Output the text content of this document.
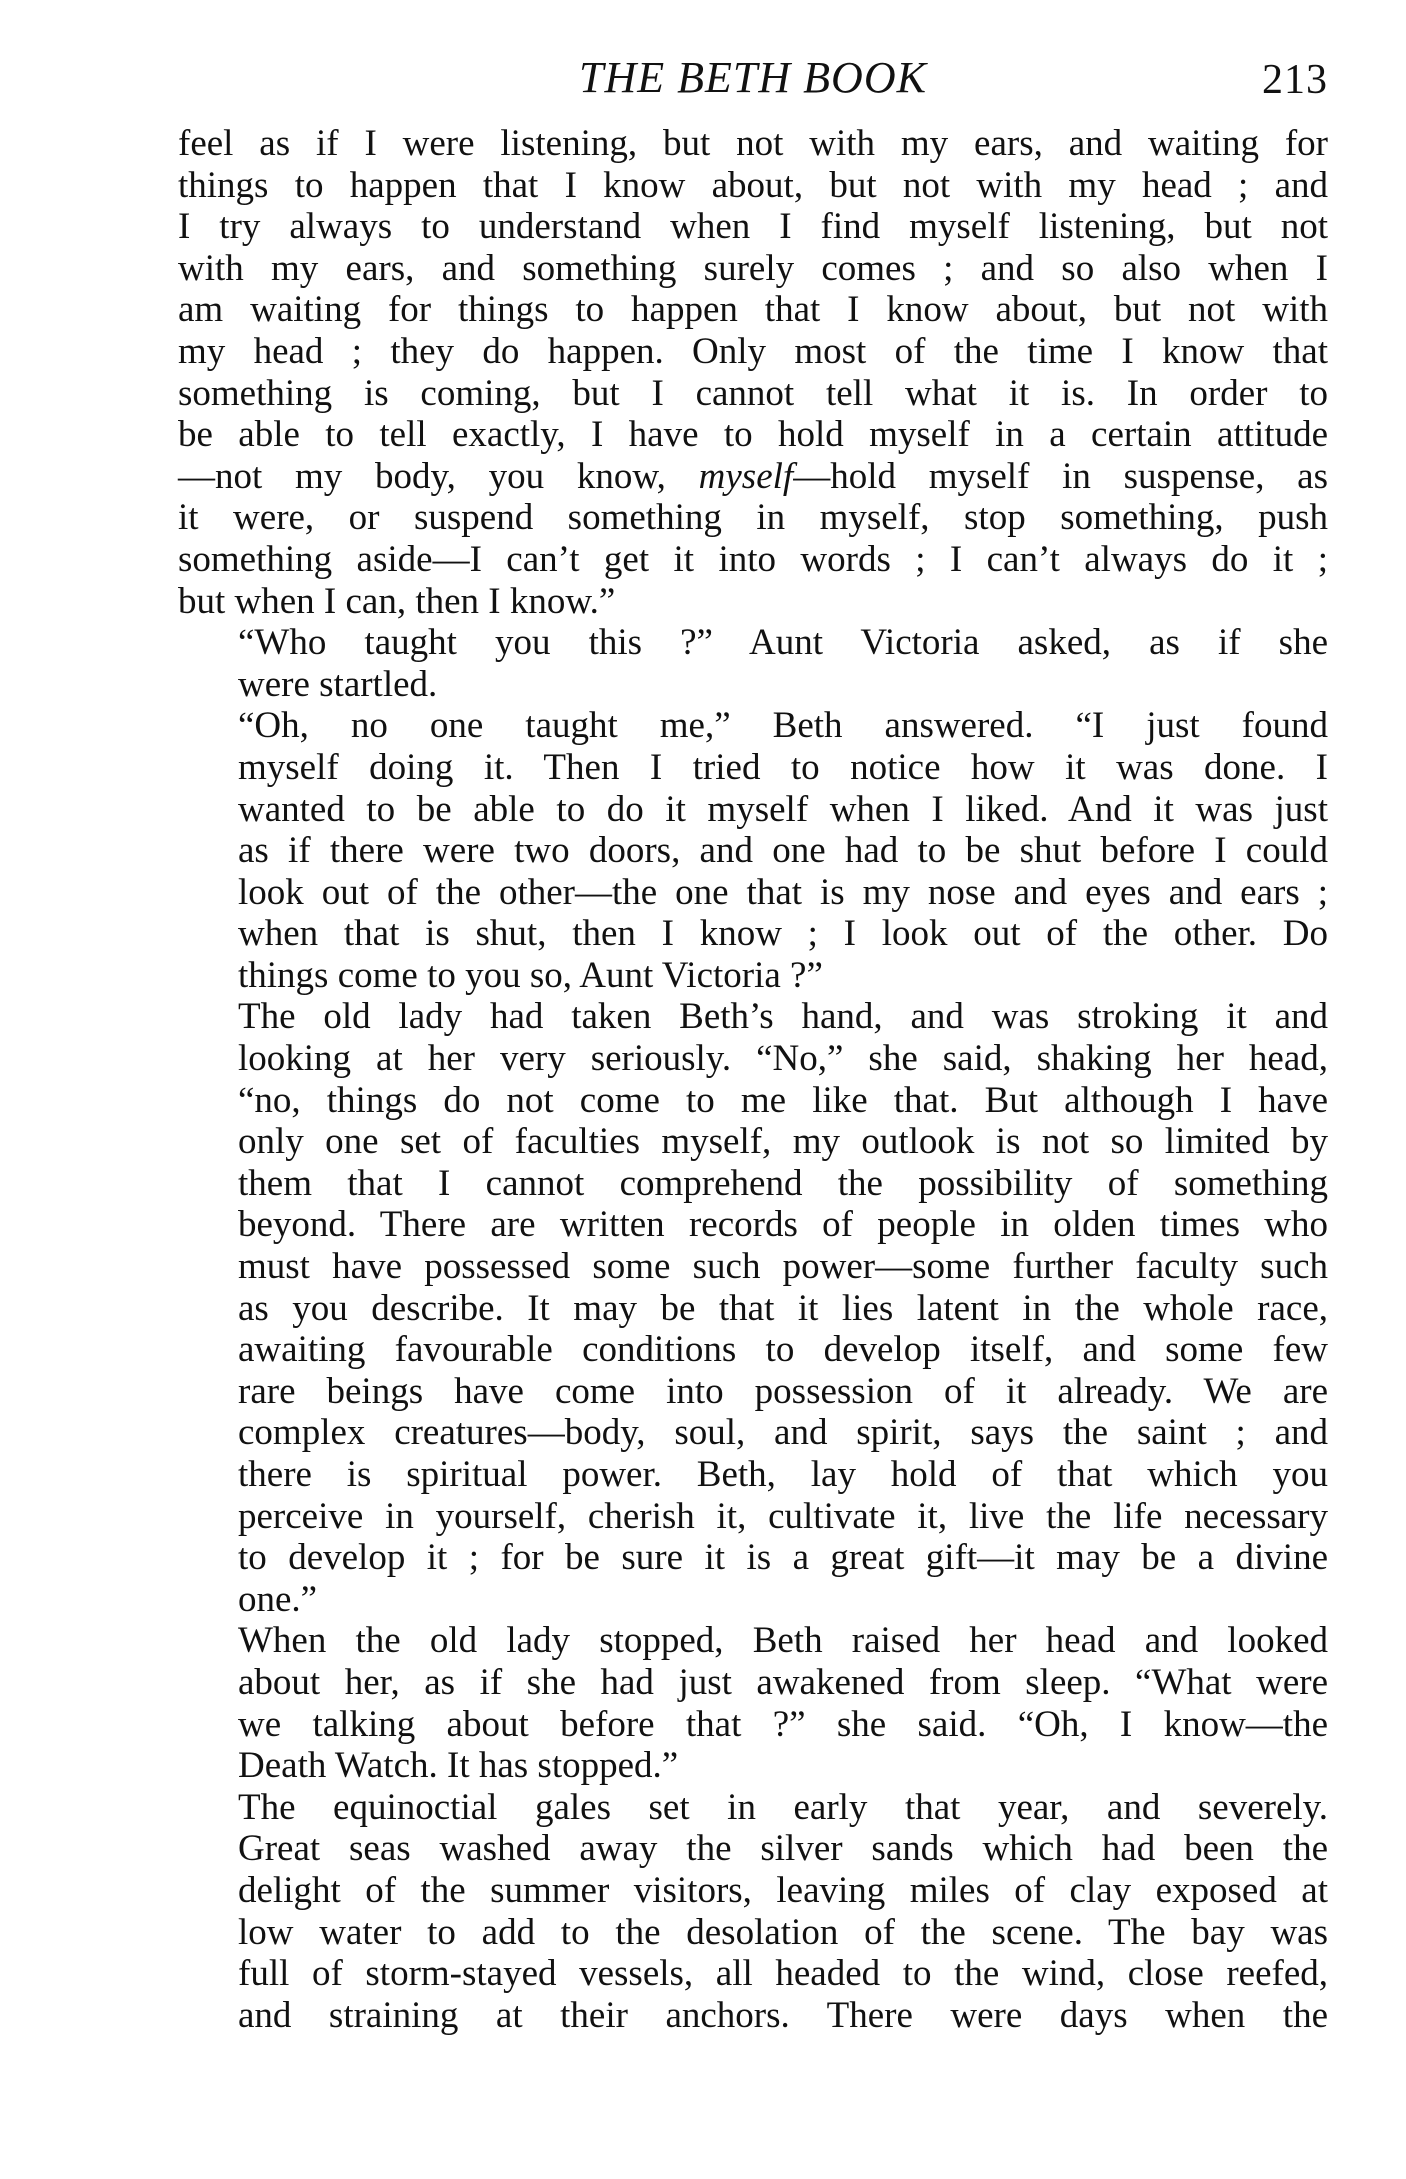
THE BETH BOOK	213

feel as if I were listening, but not with my ears, and waiting for
things to happen that I know about, but not with my head ; and
I try always to understand when I find myself listening, but not
with my ears, and something surely comes ; and so also when I
am waiting for things to happen that I know about, but not with
my head ; they do happen. Only most of the time I know that
something is coming, but I cannot tell what it is. In order to
be able to tell exactly, I have to hold myself in a certain attitude
—not my body, you know, myself—hold myself in suspense, as
it were, or suspend something in myself, stop something, push
something aside—I can’t get it into words ; I can’t always do it ;
but when I can, then I know.”

“Who taught you this ?” Aunt Victoria asked, as if she
were startled.

“Oh, no one taught me,” Beth answered. “I just found
myself doing it. Then I tried to notice how it was done. I
wanted to be able to do it myself when I liked. And it was just
as if there were two doors, and one had to be shut before I could
look out of the other—the one that is my nose and eyes and ears ;
when that is shut, then I know ; I look out of the other. Do
things come to you so, Aunt Victoria ?”

The old lady had taken Beth’s hand, and was stroking it and
looking at her very seriously. “No,” she said, shaking her head,
“no, things do not come to me like that. But although I have
only one set of faculties myself, my outlook is not so limited by
them that I cannot comprehend the possibility of something
beyond. There are written records of people in olden times who
must have possessed some such power—some further faculty such
as you describe. It may be that it lies latent in the whole race,
awaiting favourable conditions to develop itself, and some few
rare beings have come into possession of it already. We are
complex creatures—body, soul, and spirit, says the saint ; and
there is spiritual power. Beth, lay hold of that which you
perceive in yourself, cherish it, cultivate it, live the life necessary
to develop it ; for be sure it is a great gift—it may be a divine
one.”

When the old lady stopped, Beth raised her head and looked
about her, as if she had just awakened from sleep. “What were
we talking about before that ?” she said. “Oh, I know—the
Death Watch. It has stopped.”

The equinoctial gales set in early that year, and severely.
Great seas washed away the silver sands which had been the
delight of the summer visitors, leaving miles of clay exposed at
low water to add to the desolation of the scene. The bay was
full of storm-stayed vessels, all headed to the wind, close reefed,
and straining at their anchors. There were days when the
